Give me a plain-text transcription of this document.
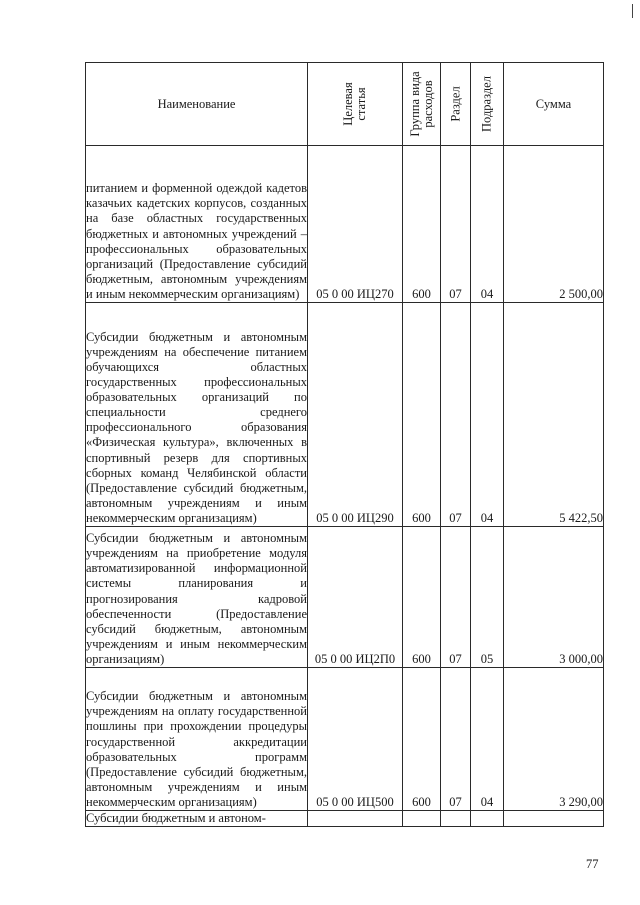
Наименование	Целевая статья	Группа вида расходов	Раздел	Подраздел	Сумма
питанием и форменной одеждой кадетов казачьих кадетских корпусов, созданных на базе областных государственных бюджетных и автономных учреждений – профессиональных образовательных организаций (Предоставление субсидий бюджетным, автономным учреждениям и иным некоммерческим организациям)	05 0 00 ИЦ270	600	07	04	2 500,00
Субсидии бюджетным и автономным учреждениям на обеспечение питанием обучающихся областных государственных профессиональных образовательных организаций по специальности среднего профессионального образования «Физическая культура», включенных в спортивный резерв для спортивных сборных команд Челябинской области (Предоставление субсидий бюджетным, автономным учреждениям и иным некоммерческим организациям)	05 0 00 ИЦ290	600	07	04	5 422,50
Субсидии бюджетным и автономным учреждениям на приобретение модуля автоматизированной информационной системы планирования и прогнозирования кадровой обеспеченности (Предоставление субсидий бюджетным, автономным учреждениям и иным некоммерческим организациям)	05 0 00 ИЦ2П0	600	07	05	3 000,00
Субсидии бюджетным и автономным учреждениям на оплату государственной пошлины при прохождении процедуры государственной аккредитации образовательных программ (Предоставление субсидий бюджетным, автономным учреждениям и иным некоммерческим организациям)	05 0 00 ИЦ500	600	07	04	3 290,00
Субсидии бюджетным и автоном-					
77
